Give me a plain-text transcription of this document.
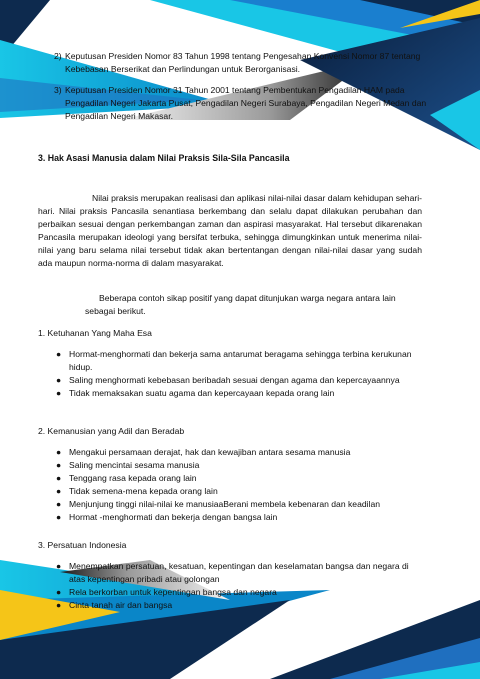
2) Keputusan Presiden Nomor 83 Tahun 1998 tentang Pengesahan Konvensi Nomor 87 tentang Kebebasan Berserikat dan Perlindungan untuk Berorganisasi.
3) Keputusan Presiden Nomor 31 Tahun 2001 tentang Pembentukan Pengadilan HAM pada Pengadilan Negeri Jakarta Pusat, Pengadilan Negeri Surabaya, Pengadilan Negeri Medan dan Pengadilan Negeri Makasar.
3. Hak Asasi Manusia dalam Nilai Praksis Sila-Sila Pancasila

Nilai praksis merupakan realisasi dan aplikasi nilai-nilai dasar dalam kehidupan sehari-hari. Nilai praksis Pancasila senantiasa berkembang dan selalu dapat dilakukan perubahan dan perbaikan sesuai dengan perkembangan zaman dan aspirasi masyarakat. Hal tersebut dikarenakan Pancasila merupakan ideologi yang bersifat terbuka, sehingga dimungkinkan untuk menerima nilai-nilai yang baru selama nilai tersebut tidak akan bertentangan dengan nilai-nilai dasar yang sudah ada maupun norma-norma di dalam masyarakat.

Beberapa contoh sikap positif yang dapat ditunjukan warga negara antara lain sebagai berikut.

1. Ketuhanan Yang Maha Esa
● Hormat-menghormati dan bekerja sama antarumat beragama sehingga terbina kerukunan hidup.
● Saling menghormati kebebasan beribadah sesuai dengan agama dan kepercayaannya
● Tidak memaksakan suatu agama dan kepercayaan kepada orang lain
2. Kemanusian yang Adil dan Beradab
● Mengakui persamaan derajat, hak dan kewajiban antara sesama manusia
● Saling mencintai sesama manusia
● Tenggang rasa kepada orang lain
● Tidak semena-mena kepada orang lain
● Menjunjung tinggi nilai-nilai ke manusiaaBerani membela kebenaran dan keadilan
● Hormat -menghormati dan bekerja dengan bangsa lain
3. Persatuan Indonesia
● Menempatkan persatuan, kesatuan, kepentingan dan keselamatan bangsa dan negara di atas kepentingan pribadi atau golongan
● Rela berkorban untuk kepentingan bangsa dan negara
● Cinta tanah air dan bangsa
